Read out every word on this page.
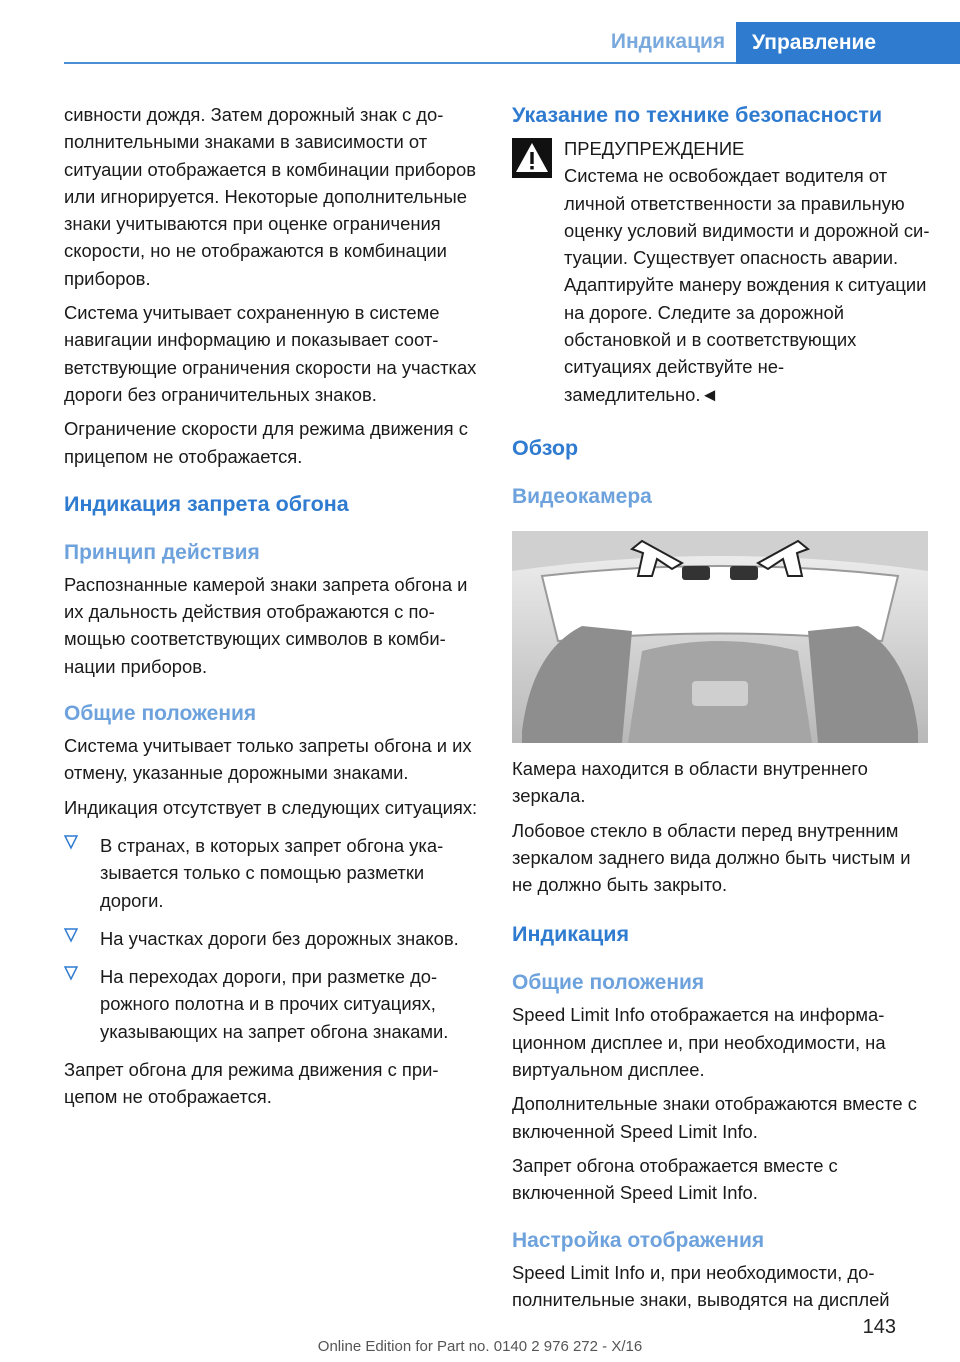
Индикация	Управление

сивности дождя. Затем дорожный знак с дополнительными знаками в зависимости от ситуации отображается в комбинации приборов или игнорируется. Некоторые дополнительные знаки учитываются при оценке ограничения скорости, но не отображаются в комбинации приборов.

Система учитывает сохраненную в системе навигации информацию и показывает соответствующие ограничения скорости на участках дороги без ограничительных знаков.

Ограничение скорости для режима движения с прицепом не отображается.

Индикация запрета обгона
Принцип действия

Распознанные камерой знаки запрета обгона и их дальность действия отображаются с помощью соответствующих символов в комбинации приборов.

Общие положения

Система учитывает только запреты обгона и их отмену, указанные дорожными знаками.

Индикация отсутствует в следующих ситуациях:

В странах, в которых запрет обгона указывается только с помощью разметки дороги.
На участках дороги без дорожных знаков.
На переходах дороги, при разметке дорожного полотна и в прочих ситуациях, указывающих на запрет обгона знаками.

Запрет обгона для режима движения с прицепом не отображается.

Указание по технике безопасности
ПРЕДУПРЕЖДЕНИЕ
Система не освобождает водителя от

личной ответственности за правильную оценку условий видимости и дорожной ситуации. Существует опасность аварии. Адаптируйте манеру вождения к ситуации на дороге. Следите за дорожной обстановкой и в соответствующих ситуациях действуйте незамедлительно.◄

Обзор
Видеокамера

Камера находится в области внутреннего зеркала.

Лобовое стекло в области перед внутренним зеркалом заднего вида должно быть чистым и не должно быть закрыто.

Индикация
Общие положения

Speed Limit Info отображается на информационном дисплее и, при необходимости, на виртуальном дисплее.

Дополнительные знаки отображаются вместе с включенной Speed Limit Info.

Запрет обгона отображается вместе с включенной Speed Limit Info.

Настройка отображения

Speed Limit Info и, при необходимости, дополнительные знаки, выводятся на дисплей

143
Online Edition for Part no. 0140 2 976 272 - X/16
